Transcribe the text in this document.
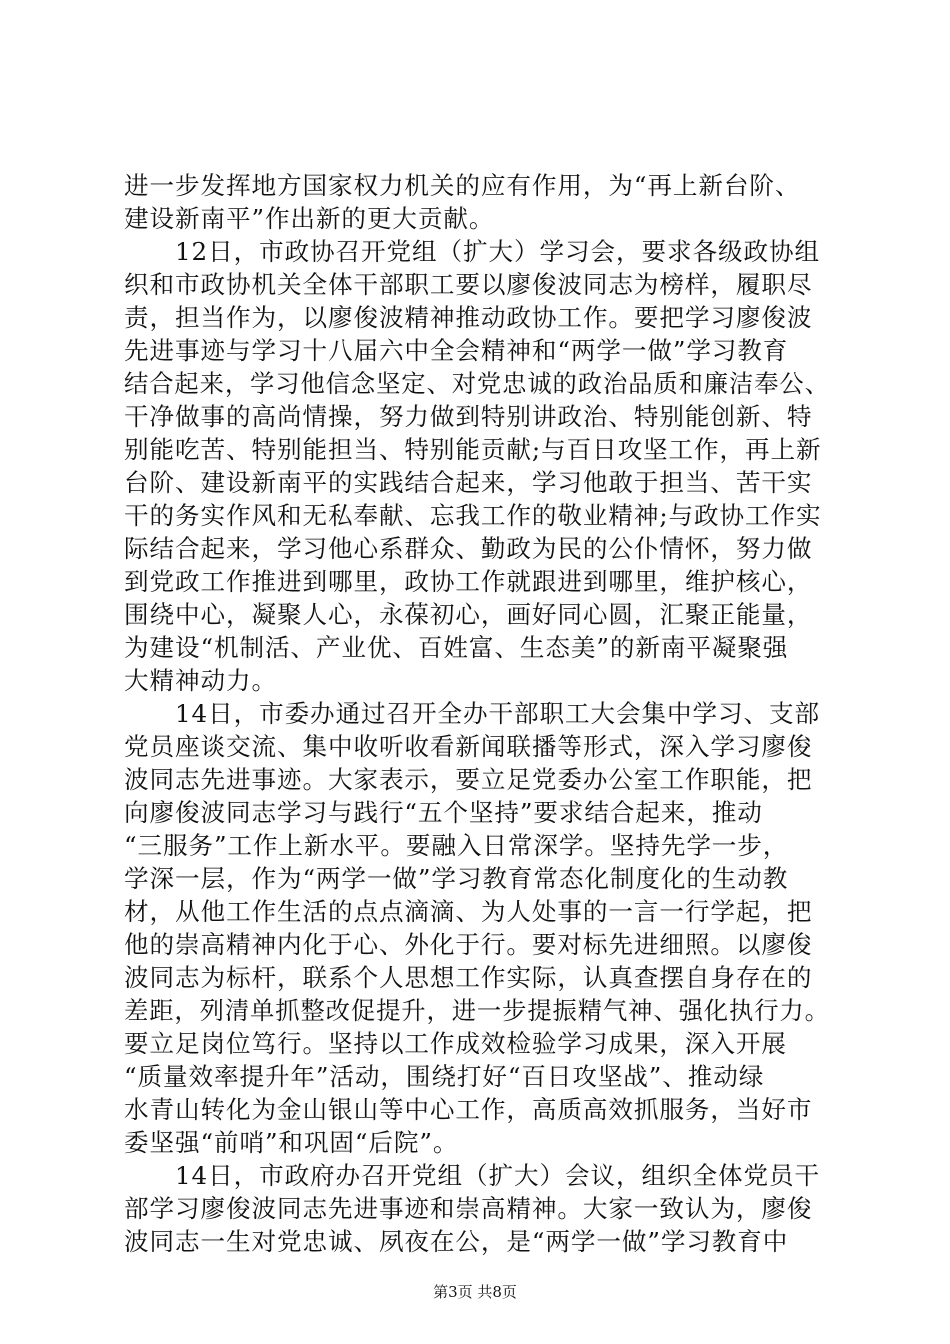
进一步发挥地方国家权力机关的应有作用，为“再上新台阶、
建设新南平”作出新的更大贡献。
　　12日，市政协召开党组（扩大）学习会，要求各级政协组
织和市政协机关全体干部职工要以廖俊波同志为榜样，履职尽
责，担当作为，以廖俊波精神推动政协工作。要把学习廖俊波
先进事迹与学习十八届六中全会精神和“两学一做”学习教育
结合起来，学习他信念坚定、对党忠诚的政治品质和廉洁奉公、
干净做事的高尚情操，努力做到特别讲政治、特别能创新、特
别能吃苦、特别能担当、特别能贡献;与百日攻坚工作，再上新
台阶、建设新南平的实践结合起来，学习他敢于担当、苦干实
干的务实作风和无私奉献、忘我工作的敬业精神;与政协工作实
际结合起来，学习他心系群众、勤政为民的公仆情怀，努力做
到党政工作推进到哪里，政协工作就跟进到哪里，维护核心，
围绕中心，凝聚人心，永葆初心，画好同心圆，汇聚正能量，
为建设“机制活、产业优、百姓富、生态美”的新南平凝聚强
大精神动力。
　　14日，市委办通过召开全办干部职工大会集中学习、支部
党员座谈交流、集中收听收看新闻联播等形式，深入学习廖俊
波同志先进事迹。大家表示，要立足党委办公室工作职能，把
向廖俊波同志学习与践行“五个坚持”要求结合起来，推动
“三服务”工作上新水平。要融入日常深学。坚持先学一步，
学深一层，作为“两学一做”学习教育常态化制度化的生动教
材，从他工作生活的点点滴滴、为人处事的一言一行学起，把
他的崇高精神内化于心、外化于行。要对标先进细照。以廖俊
波同志为标杆，联系个人思想工作实际，认真查摆自身存在的
差距，列清单抓整改促提升，进一步提振精气神、强化执行力。
要立足岗位笃行。坚持以工作成效检验学习成果，深入开展
“质量效率提升年”活动，围绕打好“百日攻坚战”、推动绿
水青山转化为金山银山等中心工作，高质高效抓服务，当好市
委坚强“前哨”和巩固“后院”。
　　14日，市政府办召开党组（扩大）会议，组织全体党员干
部学习廖俊波同志先进事迹和崇高精神。大家一致认为，廖俊
波同志一生对党忠诚、夙夜在公，是“两学一做”学习教育中
第3页 共8页
